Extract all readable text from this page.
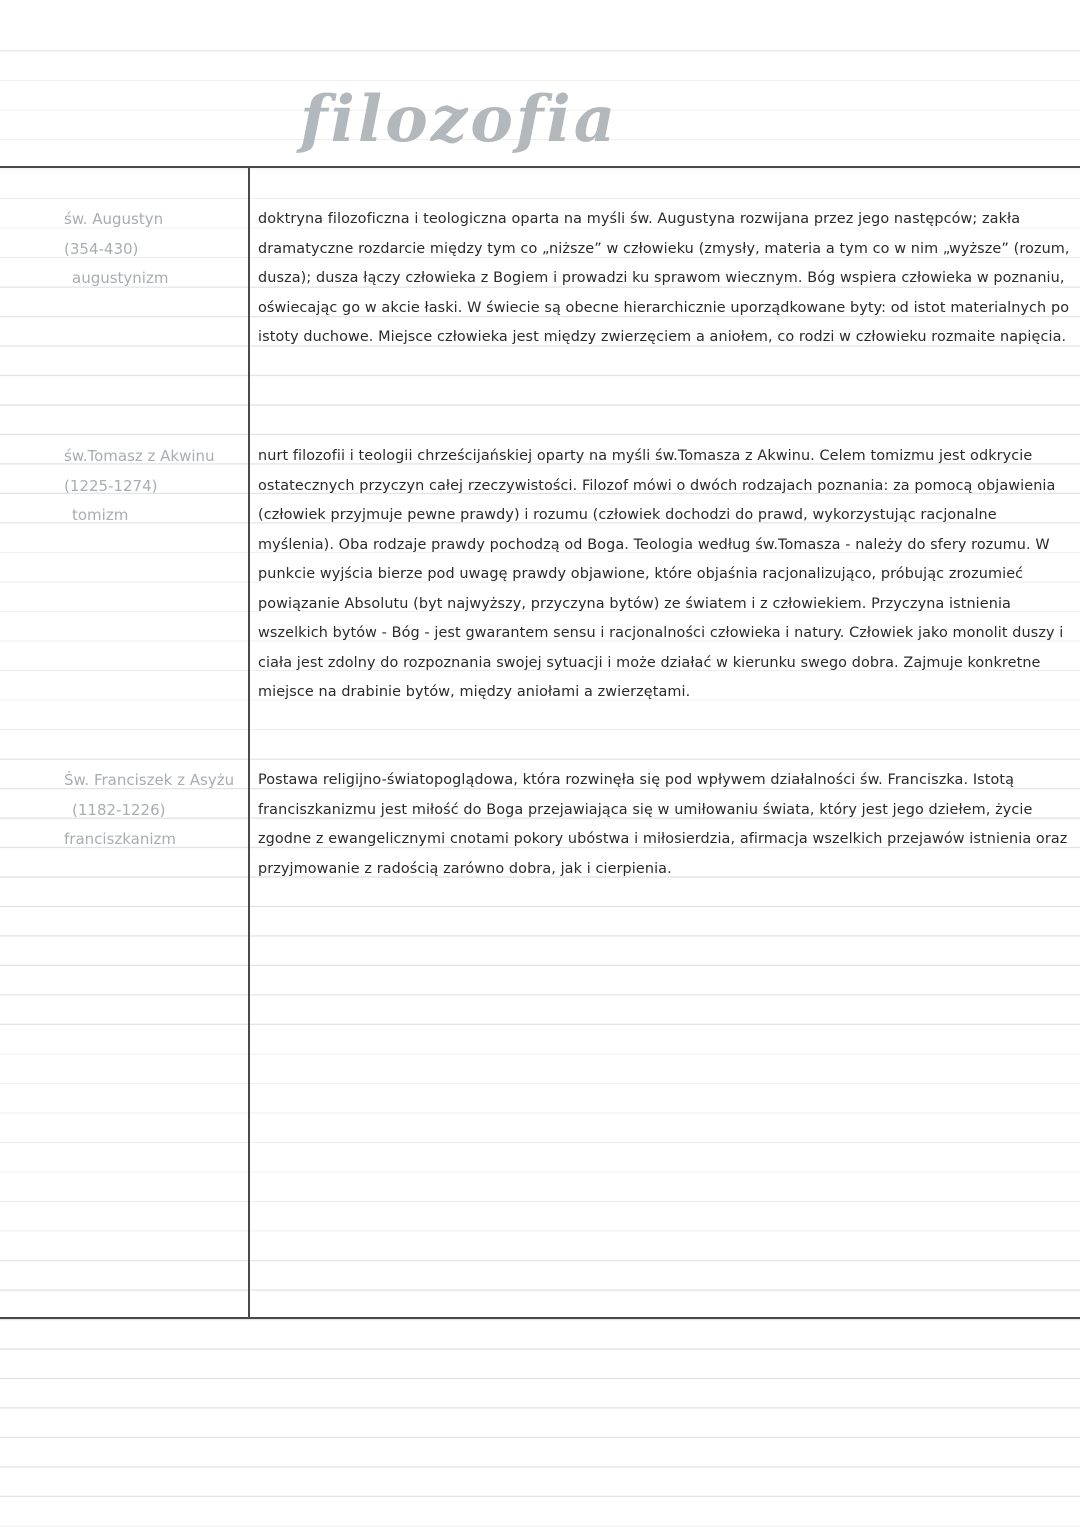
filozofia
św. Augustyn
(354-430)
augustynizm

doktryna filozoficzna i teologiczna oparta na myśli św. Augustyna rozwijana przez jego następców; zakła dramatyczne rozdarcie między tym co „niższe” w człowieku (zmysły, materia a tym co w nim „wyższe” (rozum, dusza); dusza łączy człowieka z Bogiem i prowadzi ku sprawom wiecznym. Bóg wspiera człowieka w poznaniu, oświecając go w akcie łaski. W świecie są obecne hierarchicznie uporządkowane byty: od istot materialnych po istoty duchowe. Miejsce człowieka jest między zwierzęciem a aniołem, co rodzi w człowieku rozmaite napięcia.

św.Tomasz z Akwinu
(1225-1274)
tomizm

nurt filozofii i teologii chrześcijańskiej oparty na myśli św.Tomasza z Akwinu. Celem tomizmu jest odkrycie ostatecznych przyczyn całej rzeczywistości. Filozof mówi o dwóch rodzajach poznania: za pomocą objawienia (człowiek przyjmuje pewne prawdy) i rozumu (człowiek dochodzi do prawd, wykorzystując racjonalne myślenia). Oba rodzaje prawdy pochodzą od Boga. Teologia według św.Tomasza - należy do sfery rozumu. W punkcie wyjścia bierze pod uwagę prawdy objawione, które objaśnia racjonalizująco, próbując zrozumieć powiązanie Absolutu (byt najwyższy, przyczyna bytów) ze światem i z człowiekiem. Przyczyna istnienia wszelkich bytów - Bóg - jest gwarantem sensu i racjonalności człowieka i natury. Człowiek jako monolit duszy i ciała jest zdolny do rozpoznania swojej sytuacji i może działać w kierunku swego dobra. Zajmuje konkretne miejsce na drabinie bytów, między aniołami a zwierzętami.

Św. Franciszek z Asyżu
(1182-1226)
franciszkanizm

Postawa religijno-światopoglądowa, która rozwinęła się pod wpływem działalności św. Franciszka. Istotą franciszkanizmu jest miłość do Boga przejawiająca się w umiłowaniu świata, który jest jego dziełem, życie zgodne z ewangelicznymi cnotami pokory ubóstwa i miłosierdzia, afirmacja wszelkich przejawów istnienia oraz przyjmowanie z radością zarówno dobra, jak i cierpienia.
